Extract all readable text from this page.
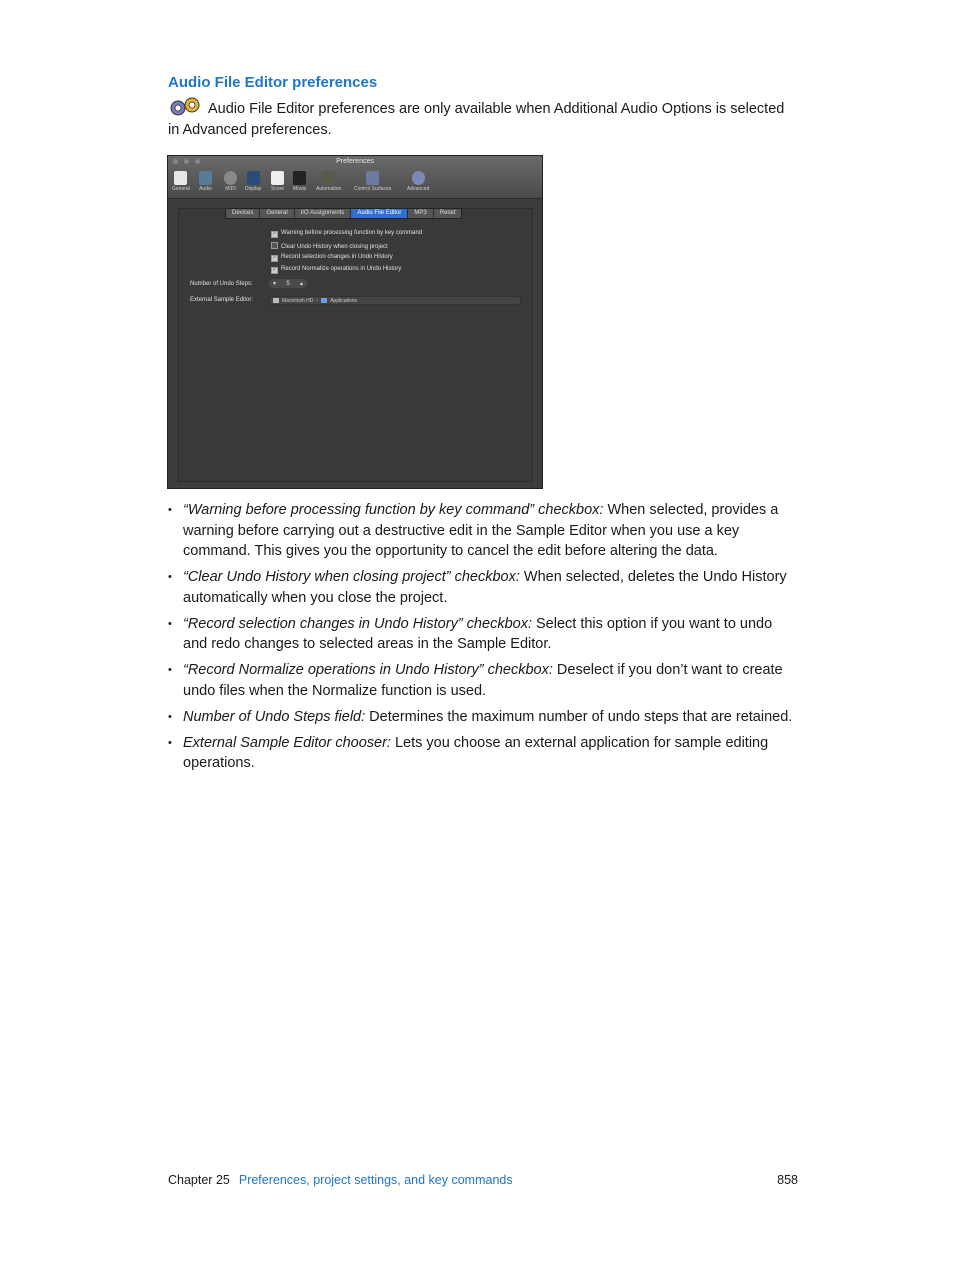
Audio File Editor preferences
Audio File Editor preferences are only available when Additional Audio Options is selected in Advanced preferences.
Preferences
General Audio	MIDI Display Score Movie Automation	Control Surfaces	Advanced
Devices	General	I/O Assignments	Audio File Editor	MP3	Reset
✓ Warning before processing function by key command
Clear Undo History when closing project
✓ Record selection changes in Undo History
✓ Record Normalize operations in Undo History
Number of Undo Steps:	▾ 5 ▴
External Sample Editor:	Macintosh HD › Applications
• “Warning before processing function by key command” checkbox: When selected, provides a warning before carrying out a destructive edit in the Sample Editor when you use a key command. This gives you the opportunity to cancel the edit before altering the data.
• “Clear Undo History when closing project” checkbox: When selected, deletes the Undo History automatically when you close the project.
• “Record selection changes in Undo History” checkbox: Select this option if you want to undo and redo changes to selected areas in the Sample Editor.
• “Record Normalize operations in Undo History” checkbox: Deselect if you don’t want to create undo files when the Normalize function is used.
• Number of Undo Steps field: Determines the maximum number of undo steps that are retained.
• External Sample Editor chooser: Lets you choose an external application for sample editing operations.
Chapter 25 Preferences, project settings, and key commands	858
